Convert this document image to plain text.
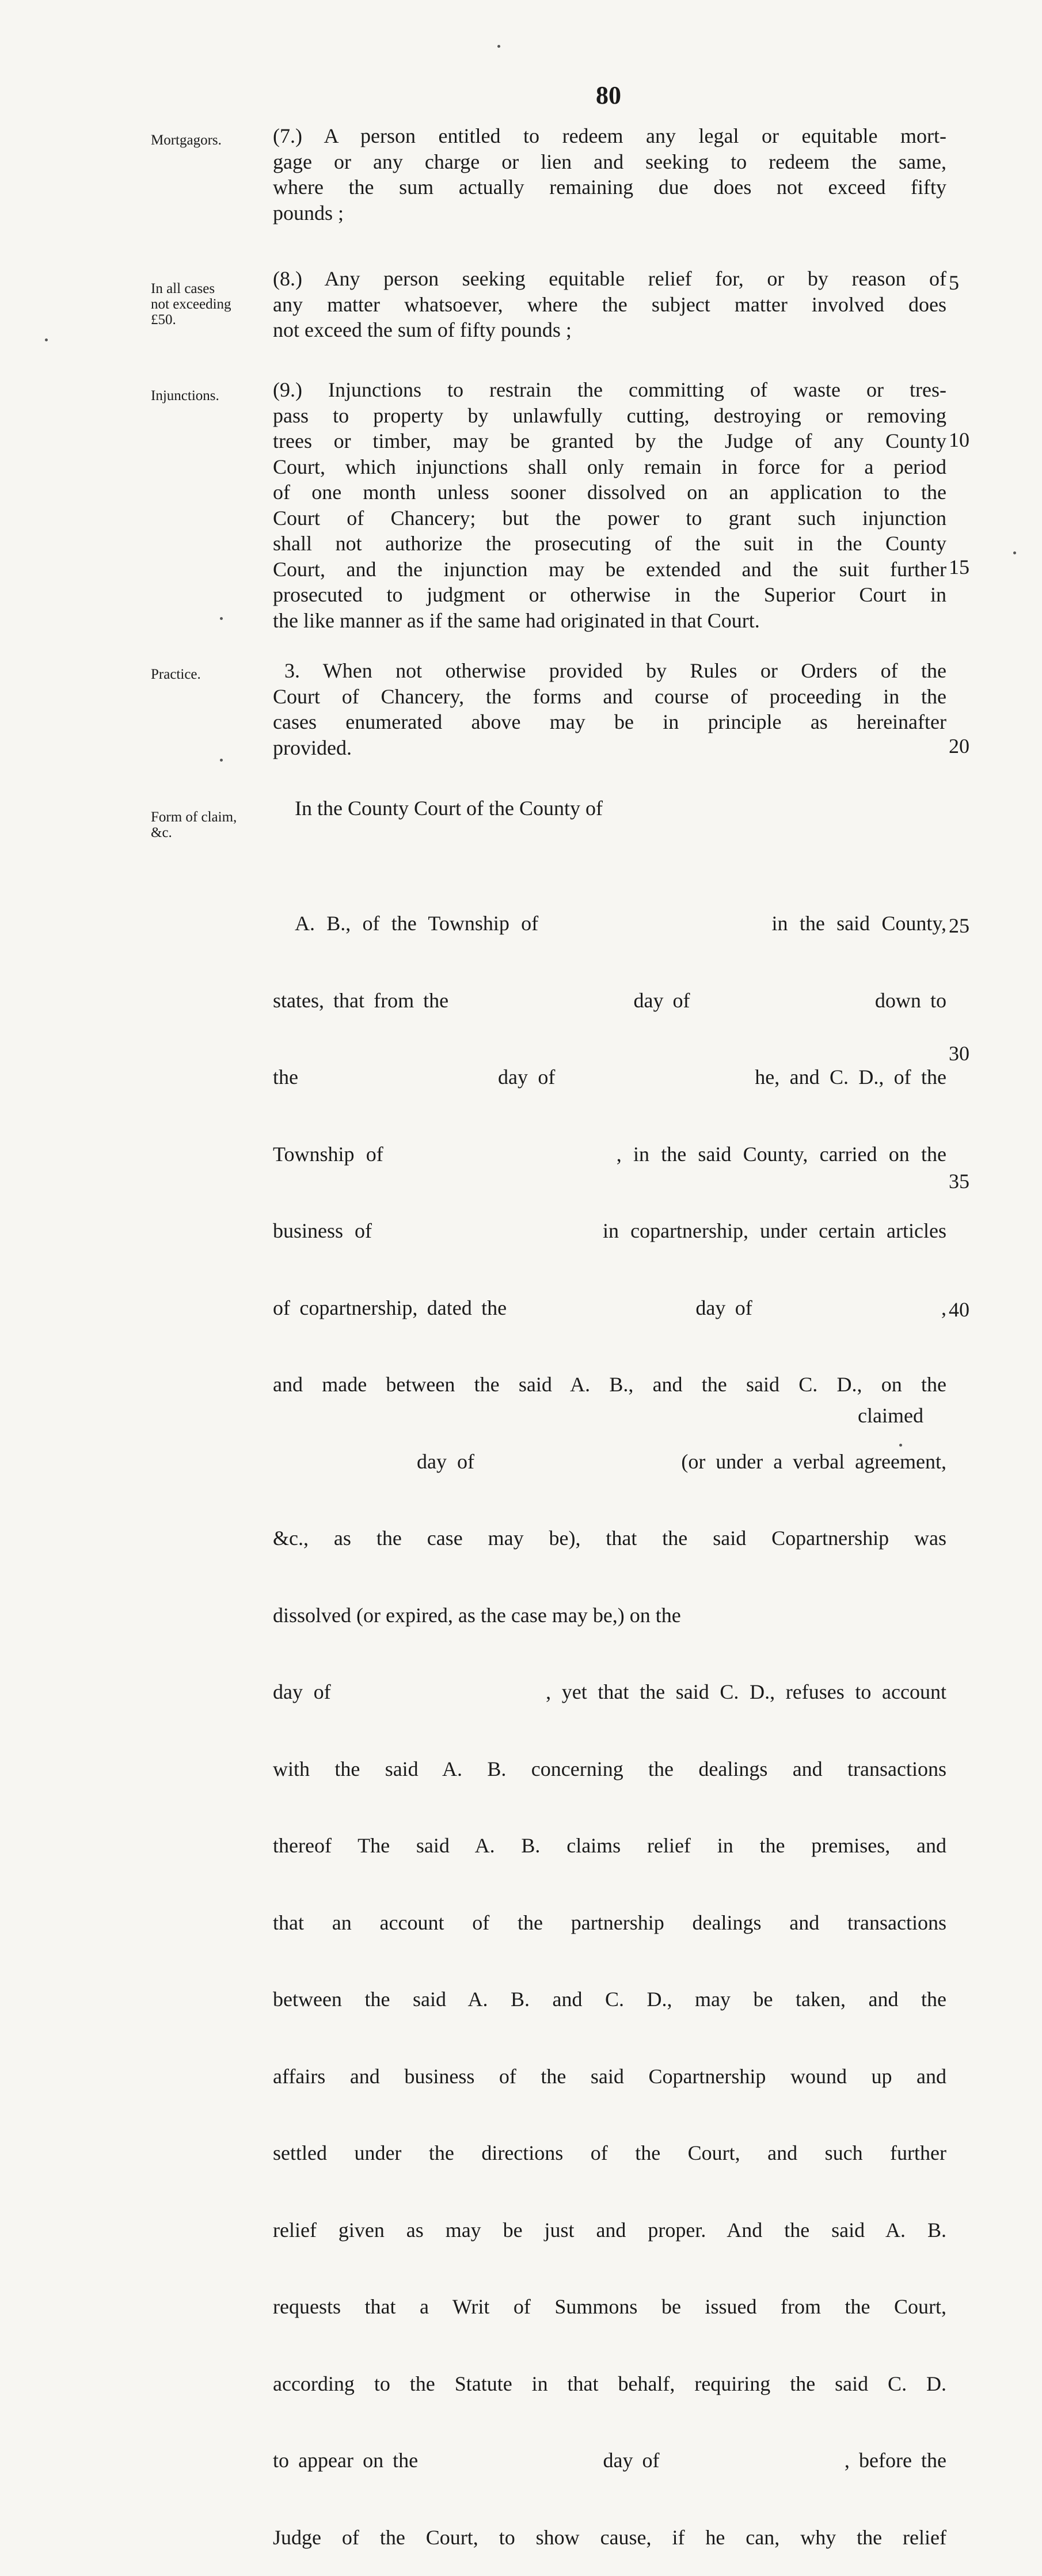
80
Mortgagors.	(7.) A person entitled to redeem any legal or equitable mort-
gage or any charge or lien and seeking to redeem the same,
where the sum actually remaining due does not exceed fifty
pounds ;
In all cases
not exceeding
£50.
(8.) Any person seeking equitable relief for, or by reason of
any matter whatsoever, where the subject matter involved does
not exceed the sum of fifty pounds ;
Injunctions.	(9.) Injunctions to restrain the committing of waste or tres-
pass to property by unlawfully cutting, destroying or removing
trees or timber, may be granted by the Judge of any County
Court, which injunctions shall only remain in force for a period
of one month unless sooner dissolved on an application to the
Court of Chancery; but the power to grant such injunction
shall not authorize the prosecuting of the suit in the County
Court, and the injunction may be extended and the suit further
prosecuted to judgment or otherwise in the Superior Court in
the like manner as if the same had originated in that Court.
Practice.	3. When not otherwise provided by Rules or Orders of the
Court of Chancery, the forms and course of proceeding in the
cases enumerated above may be in principle as hereinafter
provided.
Form of claim,
&c.
In the County Court of the County of

A. B., of the Township of                    in the said County,

states, that from the                    day of                    down to

the                    day of                    he, and C. D., of the

Township of                    , in the said County, carried on the

business of                    in copartnership, under certain articles

of copartnership, dated the                    day of                    ,

and made between the said A. B., and the said C. D., on the

day of                    (or under a verbal agreement,

&c., as the case may be), that the said Copartnership was

dissolved (or expired, as the case may be,) on the

day of                    , yet that the said C. D., refuses to account

with the said A. B. concerning the dealings and transactions

thereof The said A. B. claims relief in the premises, and

that an account of the partnership dealings and transactions

between the said A. B. and C. D., may be taken, and the

affairs and business of the said Copartnership wound up and

settled under the directions of the Court, and such further

relief given as may be just and proper. And the said A. B.

requests that a Writ of Summons be issued from the Court,

according to the Statute in that behalf, requiring the said C. D.

to appear on the                    day of                    , before the

Judge of the Court, to show cause, if he can, why the relief

claimed
5
10
15
20
25
30
35
40
